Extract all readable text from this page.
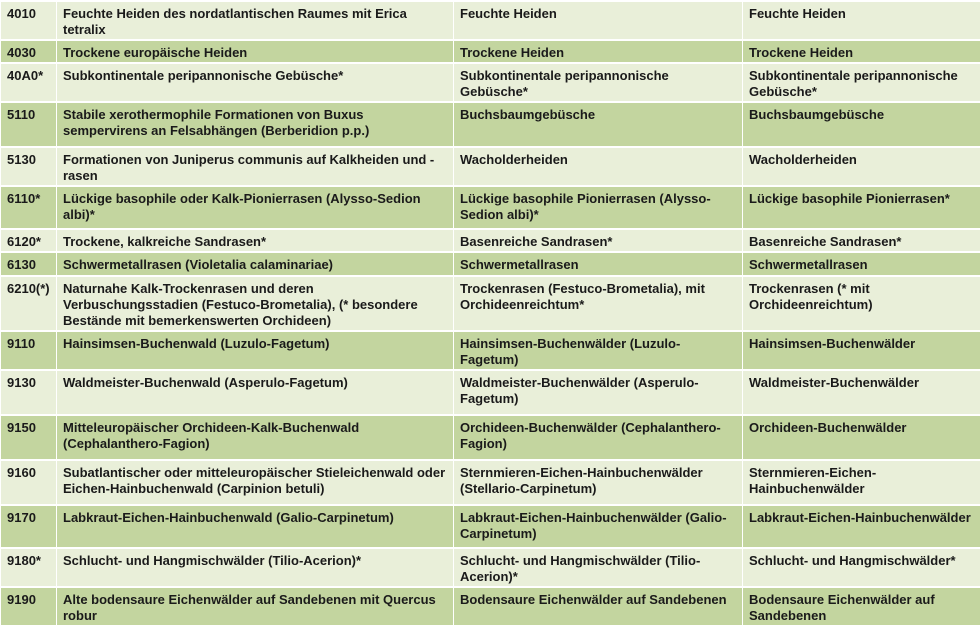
4010	Feuchte Heiden des nordatlantischen Raumes mit Erica tetralix	Feuchte Heiden	Feuchte Heiden
4030	Trockene europäische Heiden	Trockene Heiden	Trockene Heiden
40A0*	Subkontinentale peripannonische Gebüsche*	Subkontinentale peripannonische Gebüsche*	Subkontinentale peripannonische Gebüsche*
5110	Stabile xerothermophile Formationen von Buxus sempervirens an Felsabhängen (Berberidion p.p.)	Buchsbaumgebüsche	Buchsbaumgebüsche
5130	Formationen von Juniperus communis auf Kalkheiden und -rasen	Wacholderheiden	Wacholderheiden
6110*	Lückige basophile oder Kalk-Pionierrasen (Alysso-Sedion albi)*	Lückige basophile Pionierrasen (Alysso-Sedion albi)*	Lückige basophile Pionierrasen*
6120*	Trockene, kalkreiche Sandrasen*	Basenreiche Sandrasen*	Basenreiche Sandrasen*
6130	Schwermetallrasen (Violetalia calaminariae)	Schwermetallrasen	Schwermetallrasen
6210(*)	Naturnahe Kalk-Trockenrasen und deren Verbuschungsstadien (Festuco-Brometalia), (* besondere Bestände mit bemerkenswerten Orchideen)	Trockenrasen (Festuco-Brometalia), mit Orchideenreichtum*	Trockenrasen (* mit Orchideenreichtum)
9110	Hainsimsen-Buchenwald (Luzulo-Fagetum)	Hainsimsen-Buchenwälder (Luzulo-Fagetum)	Hainsimsen-Buchenwälder
9130	Waldmeister-Buchenwald (Asperulo-Fagetum)	Waldmeister-Buchenwälder (Asperulo-Fagetum)	Waldmeister-Buchenwälder
9150	Mitteleuropäischer Orchideen-Kalk-Buchenwald (Cephalanthero-Fagion)	Orchideen-Buchenwälder (Cephalanthero-Fagion)	Orchideen-Buchenwälder
9160	Subatlantischer oder mitteleuropäischer Stieleichenwald oder Eichen-Hainbuchenwald (Carpinion betuli)	Sternmieren-Eichen-Hainbuchenwälder (Stellario-Carpinetum)	Sternmieren-Eichen-Hainbuchenwälder
9170	Labkraut-Eichen-Hainbuchenwald (Galio-Carpinetum)	Labkraut-Eichen-Hainbuchenwälder (Galio-Carpinetum)	Labkraut-Eichen-Hainbuchenwälder
9180*	Schlucht- und Hangmischwälder (Tilio-Acerion)*	Schlucht- und Hangmischwälder (Tilio-Acerion)*	Schlucht- und Hangmischwälder*
9190	Alte bodensaure Eichenwälder auf Sandebenen mit Quercus robur	Bodensaure Eichenwälder auf Sandebenen	Bodensaure Eichenwälder auf Sandebenen
